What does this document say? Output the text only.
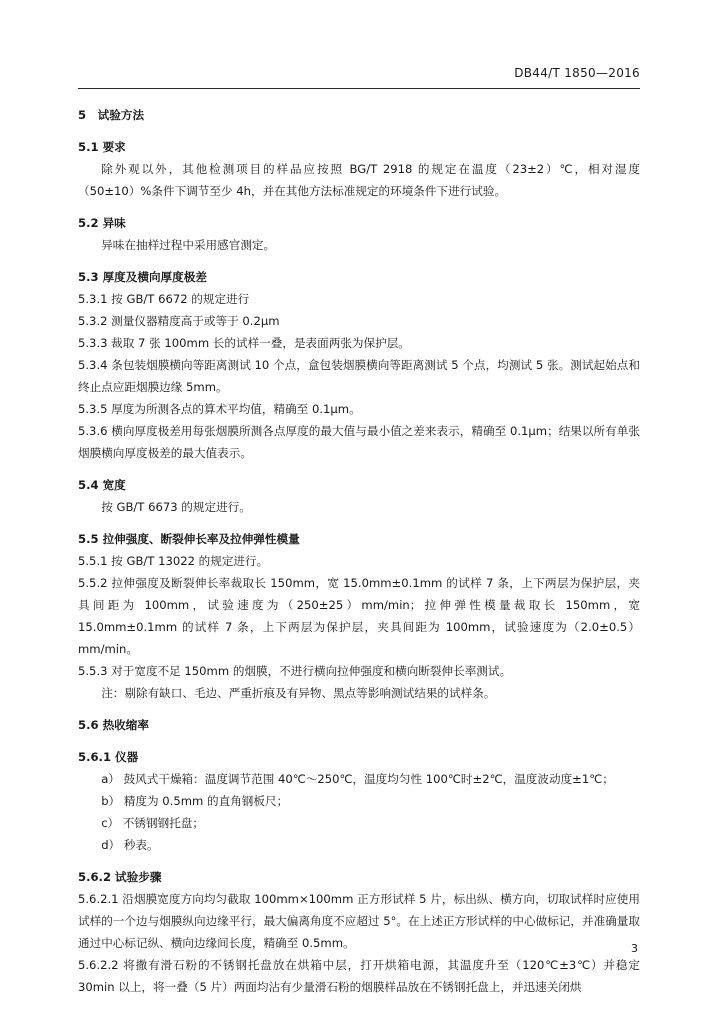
DB44/T 1850—2016
5　试验方法
5.1 要求
除外观以外，其他检测项目的样品应按照 BG/T 2918 的规定在温度（23±2）℃，相对湿度（50±10）%条件下调节至少 4h，并在其他方法标准规定的环境条件下进行试验。
5.2 异味
异味在抽样过程中采用感官测定。
5.3 厚度及横向厚度极差
5.3.1 按 GB/T 6672 的规定进行
5.3.2 测量仪器精度高于或等于 0.2μm
5.3.3 裁取 7 张 100mm 长的试样一叠，是表面两张为保护层。
5.3.4 条包装烟膜横向等距离测试 10 个点，盒包装烟膜横向等距离测试 5 个点，均测试 5 张。测试起始点和终止点应距烟膜边缘 5mm。
5.3.5 厚度为所测各点的算术平均值，精确至 0.1μm。
5.3.6 横向厚度极差用每张烟膜所测各点厚度的最大值与最小值之差来表示，精确至 0.1μm；结果以所有单张烟膜横向厚度极差的最大值表示。
5.4 宽度
按 GB/T 6673 的规定进行。
5.5 拉伸强度、断裂伸长率及拉伸弹性模量
5.5.1 按 GB/T 13022 的规定进行。
5.5.2 拉伸强度及断裂伸长率裁取长 150mm，宽 15.0mm±0.1mm 的试样 7 条，上下两层为保护层，夹具间距为 100mm，试验速度为（250±25）mm/min；拉伸弹性模量裁取长 150mm，宽 15.0mm±0.1mm 的试样 7 条，上下两层为保护层，夹具间距为 100mm，试验速度为（2.0±0.5）mm/min。
5.5.3 对于宽度不足 150mm 的烟膜，不进行横向拉伸强度和横向断裂伸长率测试。
注：剔除有缺口、毛边、严重折痕及有异物、黑点等影响测试结果的试样条。
5.6 热收缩率
5.6.1 仪器
a） 鼓风式干燥箱：温度调节范围 40℃～250℃，温度均匀性 100℃时±2℃，温度波动度±1℃；
b） 精度为 0.5mm 的直角钢板尺；
c） 不锈钢钢托盘；
d） 秒表。
5.6.2 试验步骤
5.6.2.1 沿烟膜宽度方向均匀截取 100mm×100mm 正方形试样 5 片，标出纵、横方向，切取试样时应使用试样的一个边与烟膜纵向边缘平行，最大偏离角度不应超过 5°。在上述正方形试样的中心做标记，并准确量取通过中心标记纵、横向边缘间长度，精确至 0.5mm。
5.6.2.2 将撒有滑石粉的不锈钢托盘放在烘箱中层，打开烘箱电源，其温度升至（120℃±3℃）并稳定 30min 以上，将一叠（5 片）两面均沾有少量滑石粉的烟膜样品放在不锈钢托盘上，并迅速关闭烘
3
